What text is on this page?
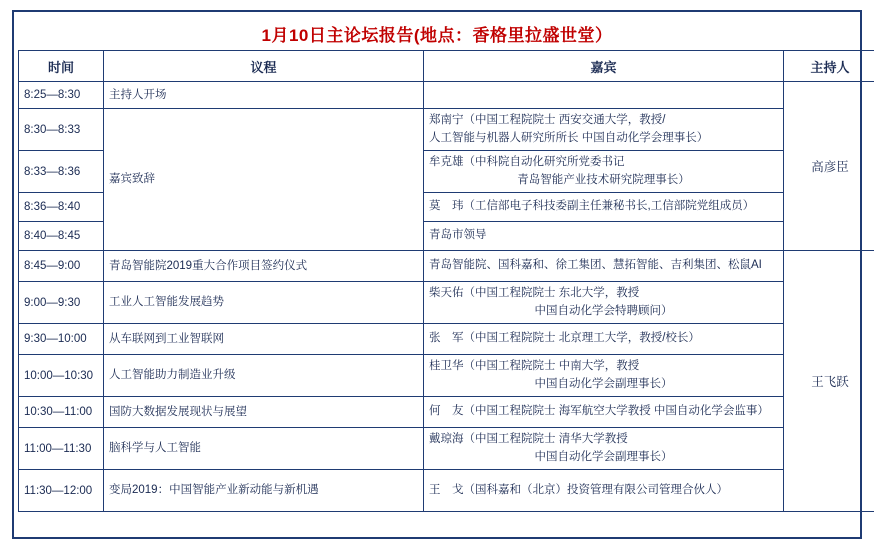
1月10日主论坛报告(地点：香格里拉盛世堂）
时间	议程	嘉宾	主持人
8:25—8:30	主持人开场		高彦臣
8:30—8:33	嘉宾致辞	郑南宁（中国工程院院士 西安交通大学，教授/
人工智能与机器人研究所所长 中国自动化学会理事长）	

8:33—8:36		牟克雄（中科院自动化研究所党委书记
青岛智能产业技术研究院理事长）	

8:36—8:40		莫　玮（工信部电子科技委副主任兼秘书长,工信部院党组成员）	

8:40—8:45		青岛市领导	

8:45—9:00	青岛智能院2019重大合作项目签约仪式	青岛智能院、国科嘉和、徐工集团、慧拓智能、吉利集团、松鼠AI	王飞跃
9:00—9:30	工业人工智能发展趋势	柴天佑（中国工程院院士 东北大学，教授
中国自动化学会特聘顾问）	

9:30—10:00	从车联网到工业智联网	张　军（中国工程院院士 北京理工大学，教授/校长）	

10:00—10:30	人工智能助力制造业升级	桂卫华（中国工程院院士 中南大学，教授
中国自动化学会副理事长）	

10:30—11:00	国防大数据发展现状与展望	何　友（中国工程院院士 海军航空大学教授 中国自动化学会监事）	

11:00—11:30	脑科学与人工智能	戴琼海（中国工程院院士 清华大学教授
中国自动化学会副理事长）	

11:30—12:00	变局2019：中国智能产业新动能与新机遇	王　戈（国科嘉和（北京）投资管理有限公司管理合伙人）	
